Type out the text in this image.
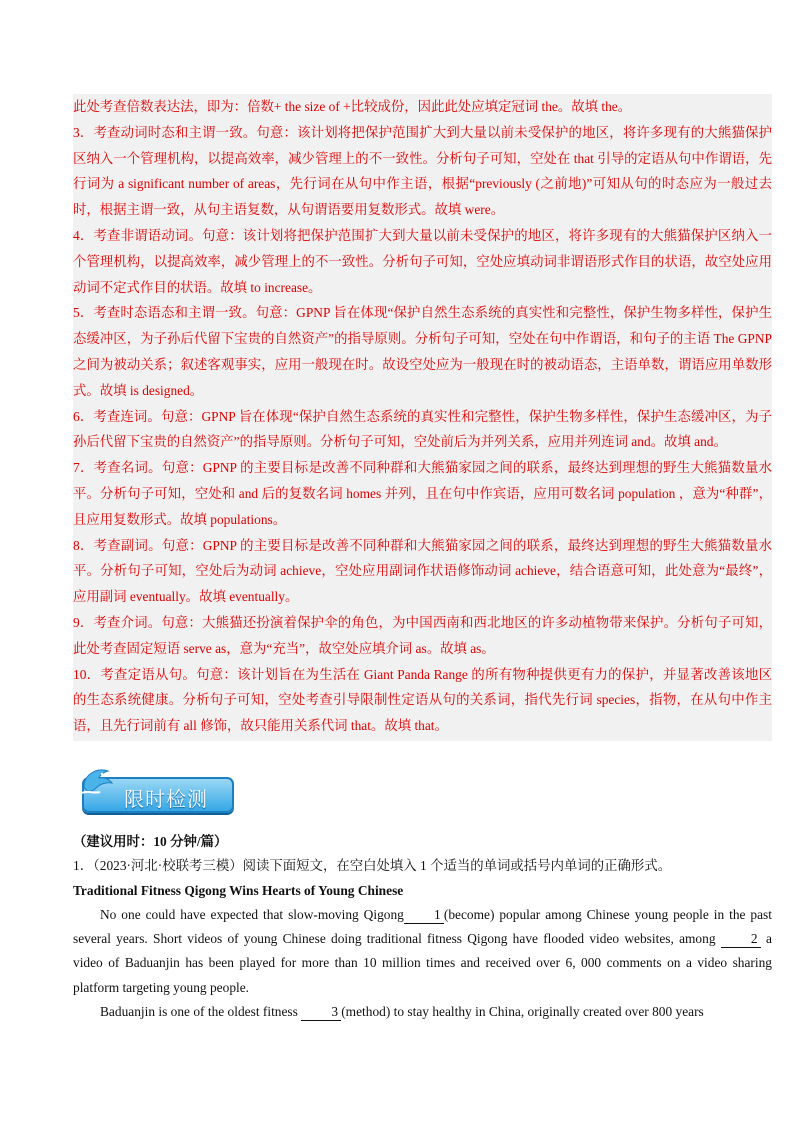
此处考查倍数表达法，即为：倍数+ the size of +比较成份，因此此处应填定冠词 the。故填 the。

3．考查动词时态和主谓一致。句意：该计划将把保护范围扩大到大量以前未受保护的地区，将许多现有的大熊猫保护区纳入一个管理机构，以提高效率，减少管理上的不一致性。分析句子可知，空处在 that 引导的定语从句中作谓语，先行词为 a significant number of areas，先行词在从句中作主语，根据“previously (之前地)”可知从句的时态应为一般过去时，根据主谓一致，从句主语复数，从句谓语要用复数形式。故填 were。

4．考查非谓语动词。句意：该计划将把保护范围扩大到大量以前未受保护的地区，将许多现有的大熊猫保护区纳入一个管理机构，以提高效率，减少管理上的不一致性。分析句子可知，空处应填动词非谓语形式作目的状语，故空处应用动词不定式作目的状语。故填 to increase。

5．考查时态语态和主谓一致。句意：GPNP 旨在体现“保护自然生态系统的真实性和完整性，保护生物多样性，保护生态缓冲区，为子孙后代留下宝贵的自然资产”的指导原则。分析句子可知，空处在句中作谓语，和句子的主语 The GPNP 之间为被动关系；叙述客观事实，应用一般现在时。故设空处应为一般现在时的被动语态，主语单数，谓语应用单数形式。故填 is designed。

6．考查连词。句意：GPNP 旨在体现“保护自然生态系统的真实性和完整性，保护生物多样性，保护生态缓冲区，为子孙后代留下宝贵的自然资产”的指导原则。分析句子可知，空处前后为并列关系，应用并列连词 and。故填 and。

7．考查名词。句意：GPNP 的主要目标是改善不同种群和大熊猫家园之间的联系，最终达到理想的野生大熊猫数量水平。分析句子可知，空处和 and 后的复数名词 homes 并列，且在句中作宾语，应用可数名词 population ，意为“种群”，且应用复数形式。故填 populations。

8．考查副词。句意：GPNP 的主要目标是改善不同种群和大熊猫家园之间的联系，最终达到理想的野生大熊猫数量水平。分析句子可知，空处后为动词 achieve，空处应用副词作状语修饰动词 achieve，结合语意可知，此处意为“最终”，应用副词 eventually。故填 eventually。

9．考查介词。句意：大熊猫还扮演着保护伞的角色，为中国西南和西北地区的许多动植物带来保护。分析句子可知，此处考查固定短语 serve as，意为“充当”，故空处应填介词 as。故填 as。

10．考查定语从句。句意：该计划旨在为生活在 Giant Panda Range 的所有物种提供更有力的保护，并显著改善该地区的生态系统健康。分析句子可知，空处考查引导限制性定语从句的关系词，指代先行词 species，指物，在从句中作主语，且先行词前有 all 修饰，故只能用关系代词 that。故填 that。

限时检测

（建议用时：10 分钟/篇）

1．（2023·河北·校联考三模）阅读下面短文，在空白处填入 1 个适当的单词或括号内单词的正确形式。

Traditional Fitness Qigong Wins Hearts of Young Chinese

No one could have expected that slow-moving Qigong 1 (become) popular among Chinese young people in the past several years. Short videos of young Chinese doing traditional fitness Qigong have flooded video websites, among	2 a video of Baduanjin has been played for more than 10 million times and received over 6, 000 comments on a video sharing platform targeting young people.

Baduanjin is one of the oldest fitness	3 (method) to stay healthy in China, originally created over 800 years
